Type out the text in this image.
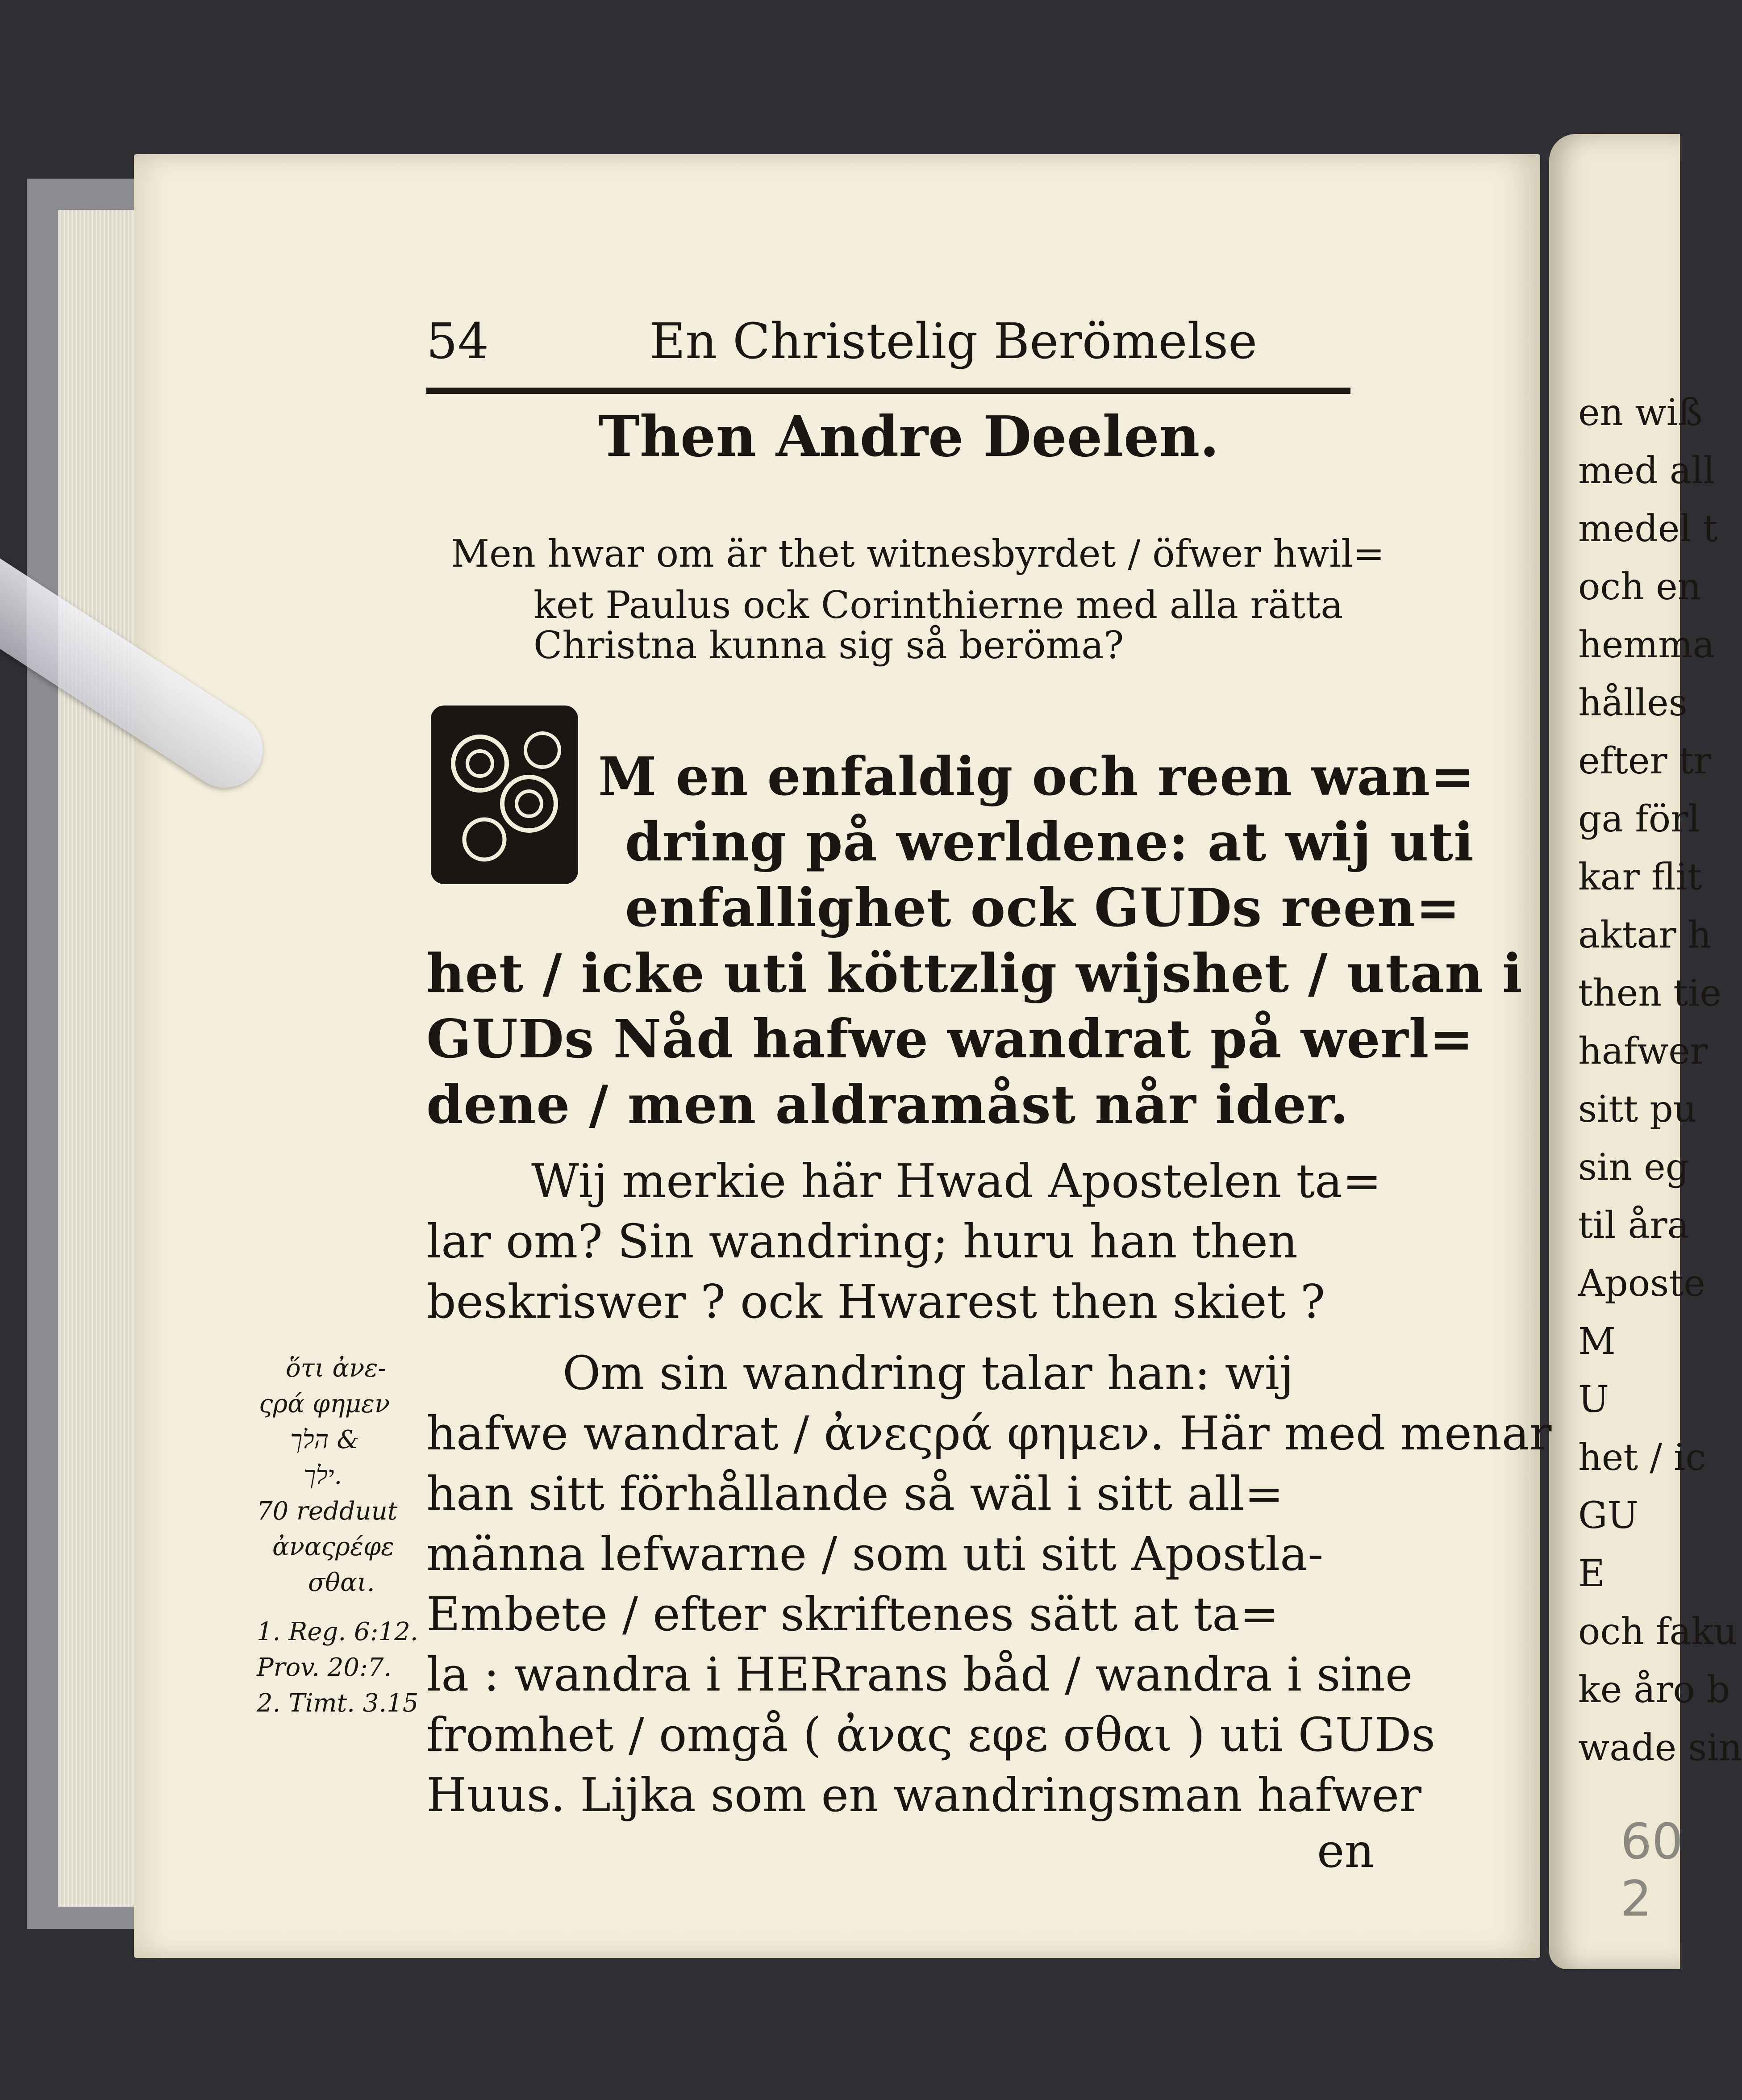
54	En Christelig Berömelse
Then Andre Deelen.
Men hwar om är thet witnesbyrdet / öfwer hwil=
ket Paulus ock Corinthierne med alla rätta
Christna kunna sig så beröma?
M en enfaldig och reen wan=
dring på werldene: at wij uti
enfallighet ock GUDs reen=
het / icke uti köttzlig wijshet / utan i
GUDs Nåd hafwe wandrat på werl=
dene / men aldramåst når ider.
Wij merkie här Hwad Apostelen ta=
lar om? Sin wandring; huru han then
beskriswer ? ock Hwarest then skiet ?
Om sin wandring talar han: wij
hafwe wandrat / ἀνεςρά φημεν. Här med menar
han sitt förhållande så wäl i sitt all=
männa lefwarne / som uti sitt Apostla-
Embete / efter skriftenes sätt at ta=
la : wandra i HERrans båd / wandra i sine
fromhet / omgå ( ἀνας εφε σθαι ) uti GUDs
Huus. Lijka som en wandringsman hafwer
en
ὅτι ἀνε-
ςρά φημεν
הלך &
ילך.
70 redduut
ἀναςρέφε
σθαι.
1. Reg. 6:12.
Prov. 20:7.
2. Timt. 3.15
en wiß
med all
medel t
och en
hemma
hålles
efter tr
ga förl
kar flit
aktar h
then tie
hafwer
sitt pu
sin eg
til åra
Aposte
M
U
het / ic
GU
E
och faku
ke åro b
wade sin
60 2
